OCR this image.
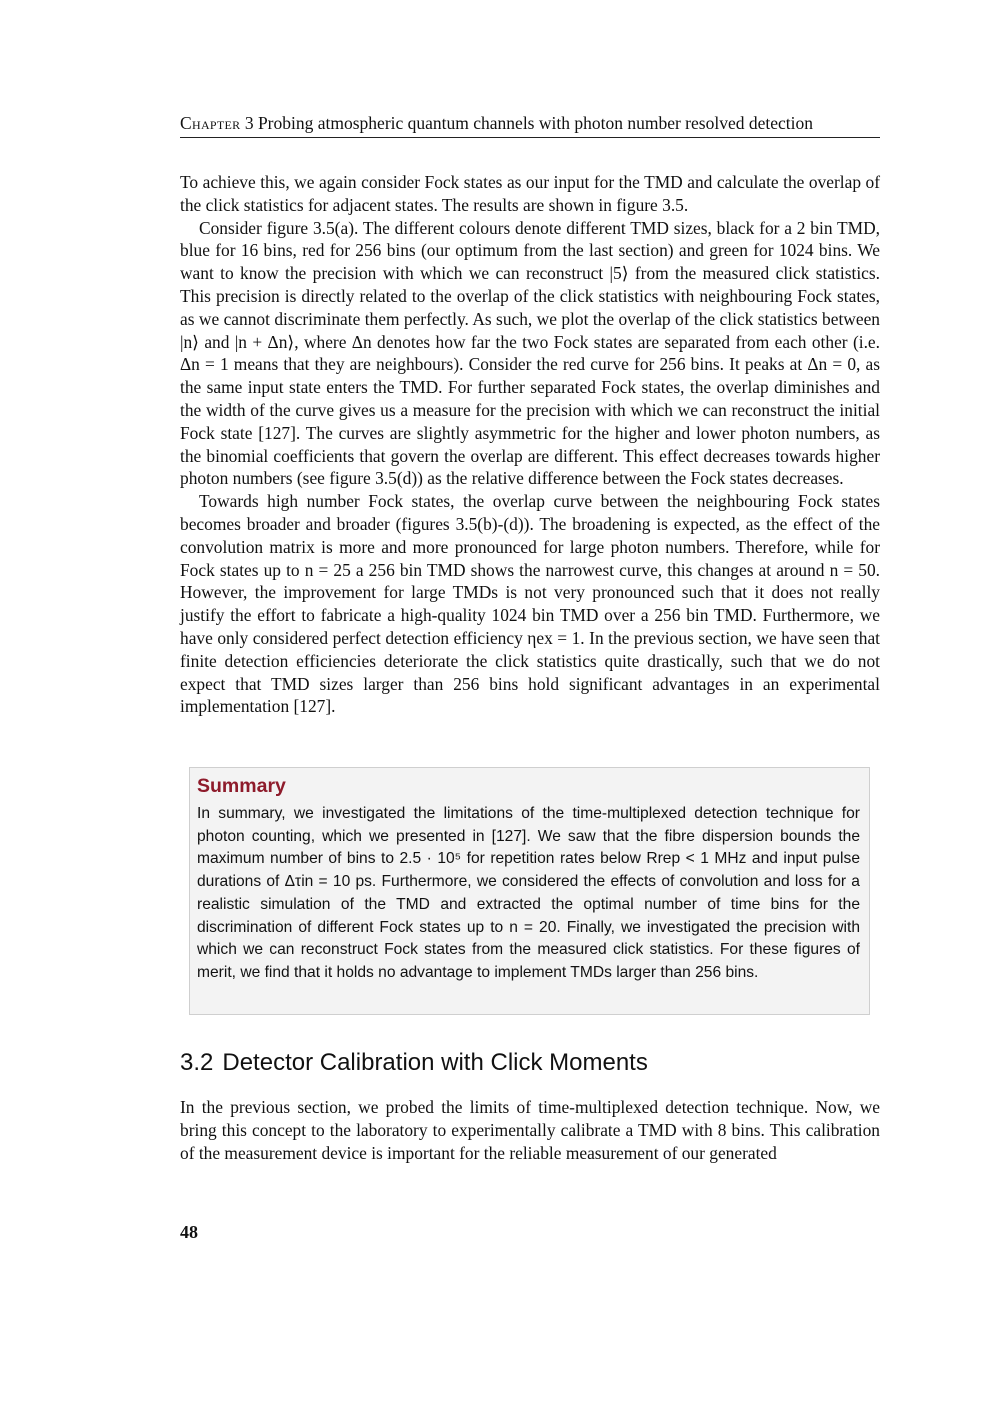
Chapter 3 Probing atmospheric quantum channels with photon number resolved detection

To achieve this, we again consider Fock states as our input for the TMD and calculate the overlap of the click statistics for adjacent states. The results are shown in figure 3.5.

Consider figure 3.5(a). The different colours denote different TMD sizes, black for a 2 bin TMD, blue for 16 bins, red for 256 bins (our optimum from the last section) and green for 1024 bins. We want to know the precision with which we can reconstruct |5⟩ from the measured click statistics. This precision is directly related to the overlap of the click statistics with neighbouring Fock states, as we cannot discriminate them perfectly. As such, we plot the overlap of the click statistics between |n⟩ and |n + Δn⟩, where Δn denotes how far the two Fock states are separated from each other (i.e. Δn = 1 means that they are neighbours). Consider the red curve for 256 bins. It peaks at Δn = 0, as the same input state enters the TMD. For further separated Fock states, the overlap diminishes and the width of the curve gives us a measure for the precision with which we can reconstruct the initial Fock state [127]. The curves are slightly asymmetric for the higher and lower photon numbers, as the binomial coefficients that govern the overlap are different. This effect decreases towards higher photon numbers (see figure 3.5(d)) as the relative difference between the Fock states decreases.

Towards high number Fock states, the overlap curve between the neighbouring Fock states becomes broader and broader (figures 3.5(b)-(d)). The broadening is expected, as the effect of the convolution matrix is more and more pronounced for large photon numbers. Therefore, while for Fock states up to n = 25 a 256 bin TMD shows the narrowest curve, this changes at around n = 50. However, the improvement for large TMDs is not very pronounced such that it does not really justify the effort to fabricate a high-quality 1024 bin TMD over a 256 bin TMD. Furthermore, we have only considered perfect detection efficiency ηex = 1. In the previous section, we have seen that finite detection efficiencies deteriorate the click statistics quite drastically, such that we do not expect that TMD sizes larger than 256 bins hold significant advantages in an experimental implementation [127].

Summary

In summary, we investigated the limitations of the time-multiplexed detection technique for photon counting, which we presented in [127]. We saw that the fibre dispersion bounds the maximum number of bins to 2.5 · 10⁵ for repetition rates below Rrep < 1 MHz and input pulse durations of Δτin = 10 ps. Furthermore, we considered the effects of convolution and loss for a realistic simulation of the TMD and extracted the optimal number of time bins for the discrimination of different Fock states up to n = 20. Finally, we investigated the precision with which we can reconstruct Fock states from the measured click statistics. For these figures of merit, we find that it holds no advantage to implement TMDs larger than 256 bins.

3.2 Detector Calibration with Click Moments

In the previous section, we probed the limits of time-multiplexed detection technique. Now, we bring this concept to the laboratory to experimentally calibrate a TMD with 8 bins. This calibration of the measurement device is important for the reliable measurement of our generated

48
